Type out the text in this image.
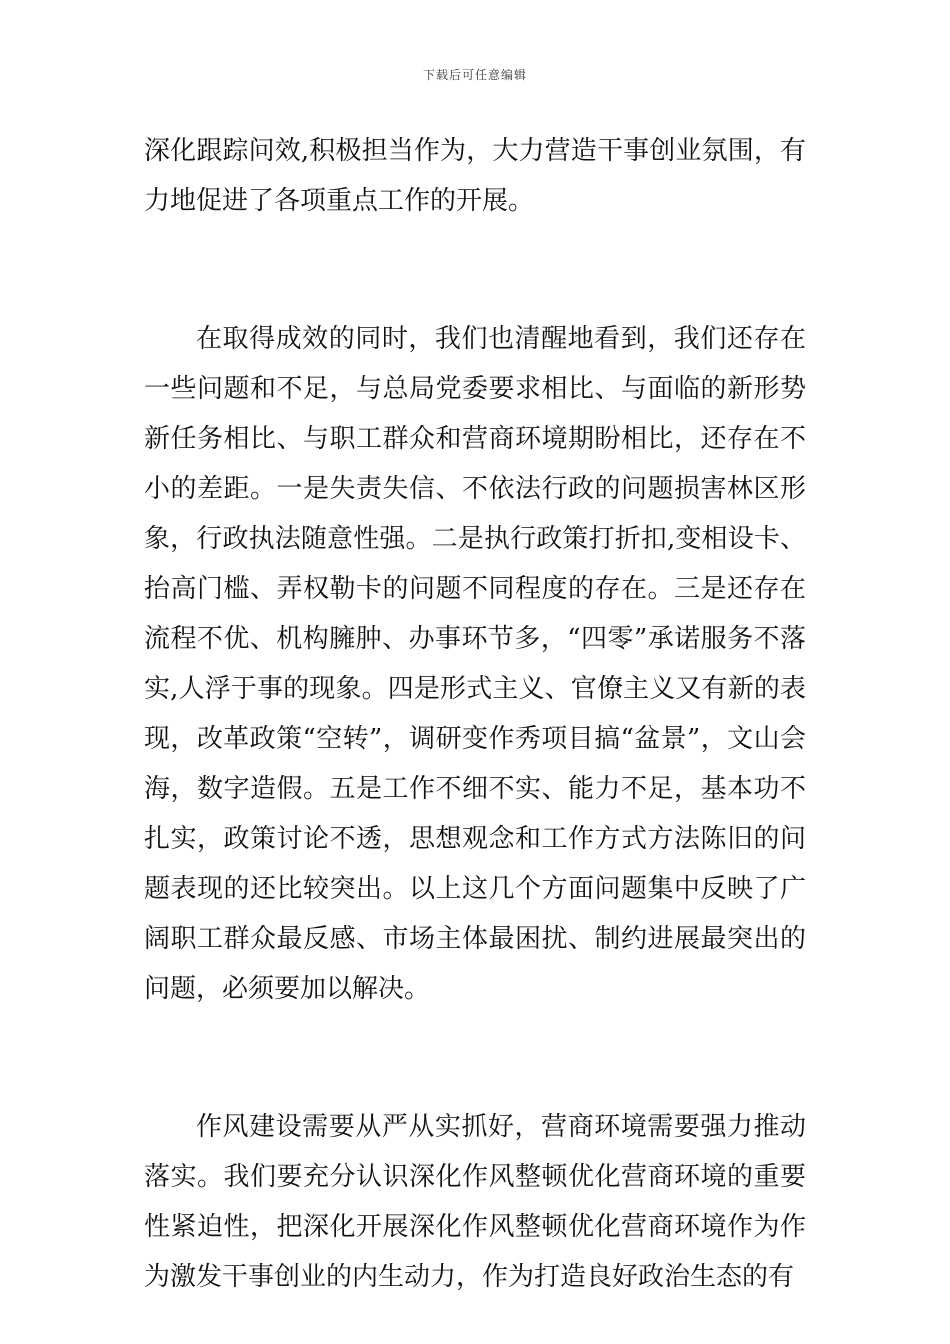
下载后可任意编辑

深化跟踪问效,积极担当作为，大力营造干事创业氛围，有力地促进了各项重点工作的开展。

在取得成效的同时，我们也清醒地看到，我们还存在一些问题和不足，与总局党委要求相比、与面临的新形势新任务相比、与职工群众和营商环境期盼相比，还存在不小的差距。一是失责失信、不依法行政的问题损害林区形象，行政执法随意性强。二是执行政策打折扣,变相设卡、抬高门槛、弄权勒卡的问题不同程度的存在。三是还存在流程不优、机构臃肿、办事环节多，“四零”承诺服务不落实,人浮于事的现象。四是形式主义、官僚主义又有新的表现，改革政策“空转”，调研变作秀项目搞“盆景”，文山会海，数字造假。五是工作不细不实、能力不足，基本功不扎实，政策讨论不透，思想观念和工作方式方法陈旧的问题表现的还比较突出。以上这几个方面问题集中反映了广阔职工群众最反感、市场主体最困扰、制约进展最突出的问题，必须要加以解决。

作风建设需要从严从实抓好，营商环境需要强力推动落实。我们要充分认识深化作风整顿优化营商环境的重要性紧迫性，把深化开展深化作风整顿优化营商环境作为作为激发干事创业的内生动力，作为打造良好政治生态的有
